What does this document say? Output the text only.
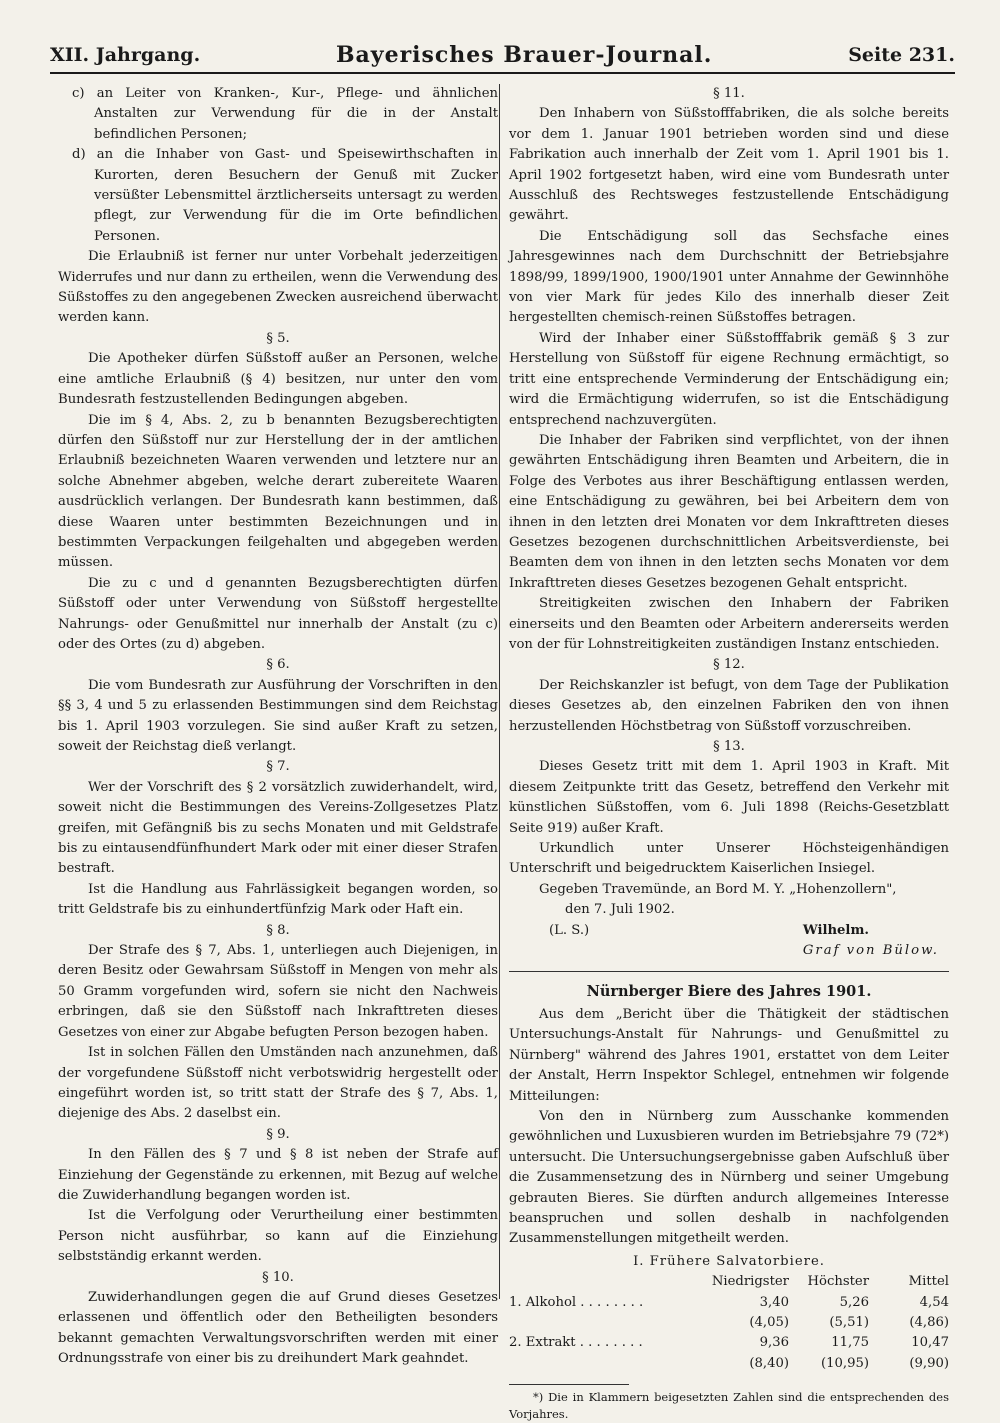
XII. Jahrgang.	Bayerisches Brauer-Journal.	Seite 231.

c) an Leiter von Kranken-, Kur-, Pflege- und ähnlichen Anstalten zur Verwendung für die in der Anstalt befindlichen Personen;

d) an die Inhaber von Gast- und Speisewirthschaften in Kurorten, deren Besuchern der Genuß mit Zucker versüßter Lebensmittel ärztlicherseits untersagt zu werden pflegt, zur Verwendung für die im Orte befindlichen Personen.

Die Erlaubniß ist ferner nur unter Vorbehalt jederzeitigen Widerrufes und nur dann zu ertheilen, wenn die Verwendung des Süßstoffes zu den angegebenen Zwecken ausreichend überwacht werden kann.

§ 5.

Die Apotheker dürfen Süßstoff außer an Personen, welche eine amtliche Erlaubniß (§ 4) besitzen, nur unter den vom Bundesrath festzustellenden Bedingungen abgeben.

Die im § 4, Abs. 2, zu b benannten Bezugsberechtigten dürfen den Süßstoff nur zur Herstellung der in der amtlichen Erlaubniß bezeichneten Waaren verwenden und letztere nur an solche Abnehmer abgeben, welche derart zubereitete Waaren ausdrücklich verlangen. Der Bundesrath kann bestimmen, daß diese Waaren unter bestimmten Bezeichnungen und in bestimmten Verpackungen feilgehalten und abgegeben werden müssen.

Die zu c und d genannten Bezugsberechtigten dürfen Süßstoff oder unter Verwendung von Süßstoff hergestellte Nahrungs- oder Genußmittel nur innerhalb der Anstalt (zu c) oder des Ortes (zu d) abgeben.

§ 6.

Die vom Bundesrath zur Ausführung der Vorschriften in den §§ 3, 4 und 5 zu erlassenden Bestimmungen sind dem Reichstag bis 1. April 1903 vorzulegen. Sie sind außer Kraft zu setzen, soweit der Reichstag dieß verlangt.

§ 7.

Wer der Vorschrift des § 2 vorsätzlich zuwiderhandelt, wird, soweit nicht die Bestimmungen des Vereins-Zollgesetzes Platz greifen, mit Gefängniß bis zu sechs Monaten und mit Geldstrafe bis zu eintausendfünfhundert Mark oder mit einer dieser Strafen bestraft.

Ist die Handlung aus Fahrlässigkeit begangen worden, so tritt Geldstrafe bis zu einhundertfünfzig Mark oder Haft ein.

§ 8.

Der Strafe des § 7, Abs. 1, unterliegen auch Diejenigen, in deren Besitz oder Gewahrsam Süßstoff in Mengen von mehr als 50 Gramm vorgefunden wird, sofern sie nicht den Nachweis erbringen, daß sie den Süßstoff nach Inkrafttreten dieses Gesetzes von einer zur Abgabe befugten Person bezogen haben.

Ist in solchen Fällen den Umständen nach anzunehmen, daß der vorgefundene Süßstoff nicht verbotswidrig hergestellt oder eingeführt worden ist, so tritt statt der Strafe des § 7, Abs. 1, diejenige des Abs. 2 daselbst ein.

§ 9.

In den Fällen des § 7 und § 8 ist neben der Strafe auf Einziehung der Gegenstände zu erkennen, mit Bezug auf welche die Zuwiderhandlung begangen worden ist.

Ist die Verfolgung oder Verurtheilung einer bestimmten Person nicht ausführbar, so kann auf die Einziehung selbstständig erkannt werden.

§ 10.

Zuwiderhandlungen gegen die auf Grund dieses Gesetzes erlassenen und öffentlich oder den Betheiligten besonders bekannt gemachten Verwaltungsvorschriften werden mit einer Ordnungsstrafe von einer bis zu dreihundert Mark geahndet.

§ 11.

Den Inhabern von Süßstofffabriken, die als solche bereits vor dem 1. Januar 1901 betrieben worden sind und diese Fabrikation auch innerhalb der Zeit vom 1. April 1901 bis 1. April 1902 fortgesetzt haben, wird eine vom Bundesrath unter Ausschluß des Rechtsweges festzustellende Entschädigung gewährt.

Die Entschädigung soll das Sechsfache eines Jahresgewinnes nach dem Durchschnitt der Betriebsjahre 1898/99, 1899/1900, 1900/1901 unter Annahme der Gewinnhöhe von vier Mark für jedes Kilo des innerhalb dieser Zeit hergestellten chemisch-reinen Süßstoffes betragen.

Wird der Inhaber einer Süßstofffabrik gemäß § 3 zur Herstellung von Süßstoff für eigene Rechnung ermächtigt, so tritt eine entsprechende Verminderung der Entschädigung ein; wird die Ermächtigung widerrufen, so ist die Entschädigung entsprechend nachzuvergüten.

Die Inhaber der Fabriken sind verpflichtet, von der ihnen gewährten Entschädigung ihren Beamten und Arbeitern, die in Folge des Verbotes aus ihrer Beschäftigung entlassen werden, eine Entschädigung zu gewähren, bei bei Arbeitern dem von ihnen in den letzten drei Monaten vor dem Inkrafttreten dieses Gesetzes bezogenen durchschnittlichen Arbeitsverdienste, bei Beamten dem von ihnen in den letzten sechs Monaten vor dem Inkrafttreten dieses Gesetzes bezogenen Gehalt entspricht.

Streitigkeiten zwischen den Inhabern der Fabriken einerseits und den Beamten oder Arbeitern andererseits werden von der für Lohnstreitigkeiten zuständigen Instanz entschieden.

§ 12.

Der Reichskanzler ist befugt, von dem Tage der Publikation dieses Gesetzes ab, den einzelnen Fabriken den von ihnen herzustellenden Höchstbetrag von Süßstoff vorzuschreiben.

§ 13.

Dieses Gesetz tritt mit dem 1. April 1903 in Kraft. Mit diesem Zeitpunkte tritt das Gesetz, betreffend den Verkehr mit künstlichen Süßstoffen, vom 6. Juli 1898 (Reichs-Gesetzblatt Seite 919) außer Kraft.

Urkundlich unter Unserer Höchsteigenhändigen Unterschrift und beigedrucktem Kaiserlichen Insiegel.

Gegeben Travemünde, an Bord M. Y. „Hohenzollern",

den 7. Juli 1902.

(L. S.)	Wilhelm.

Graf von Bülow.

Nürnberger Biere des Jahres 1901.

Aus dem „Bericht über die Thätigkeit der städtischen Untersuchungs-Anstalt für Nahrungs- und Genußmittel zu Nürnberg" während des Jahres 1901, erstattet von dem Leiter der Anstalt, Herrn Inspektor Schlegel, entnehmen wir folgende Mitteilungen:

Von den in Nürnberg zum Ausschanke kommenden gewöhnlichen und Luxusbieren wurden im Betriebsjahre 79 (72*) untersucht. Die Untersuchungsergebnisse gaben Aufschluß über die Zusammensetzung des in Nürnberg und seiner Umgebung gebrauten Bieres. Sie dürften andurch allgemeines Interesse beanspruchen und sollen deshalb in nachfolgenden Zusammenstellungen mitgetheilt werden.

I. Frühere Salvatorbiere.

	Niedrigster	Höchster	Mittel
1. Alkohol . . . . . . . .	3,40	5,26	4,54
	(4,05)	(5,51)	(4,86)
2. Extrakt . . . . . . . .	9,36	11,75	10,47
	(8,40)	(10,95)	(9,90)

*) Die in Klammern beigesetzten Zahlen sind die entsprechenden des Vorjahres.
